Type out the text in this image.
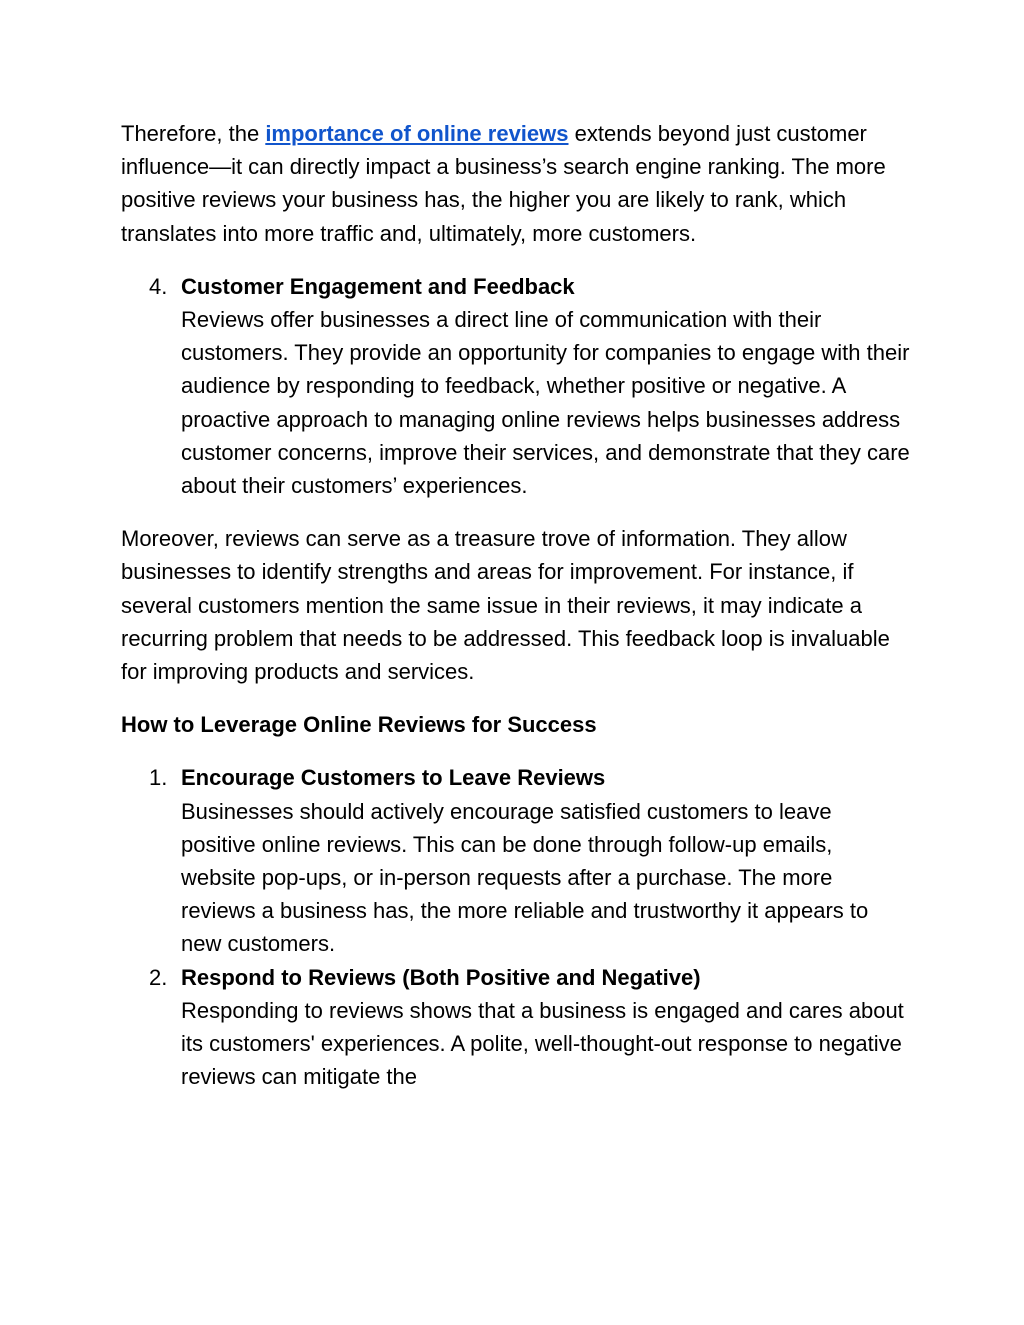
Therefore, the importance of online reviews extends beyond just customer influence—it can directly impact a business’s search engine ranking. The more positive reviews your business has, the higher you are likely to rank, which translates into more traffic and, ultimately, more customers.

4. Customer Engagement and Feedback
Reviews offer businesses a direct line of communication with their customers. They provide an opportunity for companies to engage with their audience by responding to feedback, whether positive or negative. A proactive approach to managing online reviews helps businesses address customer concerns, improve their services, and demonstrate that they care about their customers’ experiences.

Moreover, reviews can serve as a treasure trove of information. They allow businesses to identify strengths and areas for improvement. For instance, if several customers mention the same issue in their reviews, it may indicate a recurring problem that needs to be addressed. This feedback loop is invaluable for improving products and services.

How to Leverage Online Reviews for Success
1. Encourage Customers to Leave Reviews
Businesses should actively encourage satisfied customers to leave positive online reviews. This can be done through follow-up emails, website pop-ups, or in-person requests after a purchase. The more reviews a business has, the more reliable and trustworthy it appears to new customers.
2. Respond to Reviews (Both Positive and Negative)
Responding to reviews shows that a business is engaged and cares about its customers' experiences. A polite, well-thought-out response to negative reviews can mitigate the
